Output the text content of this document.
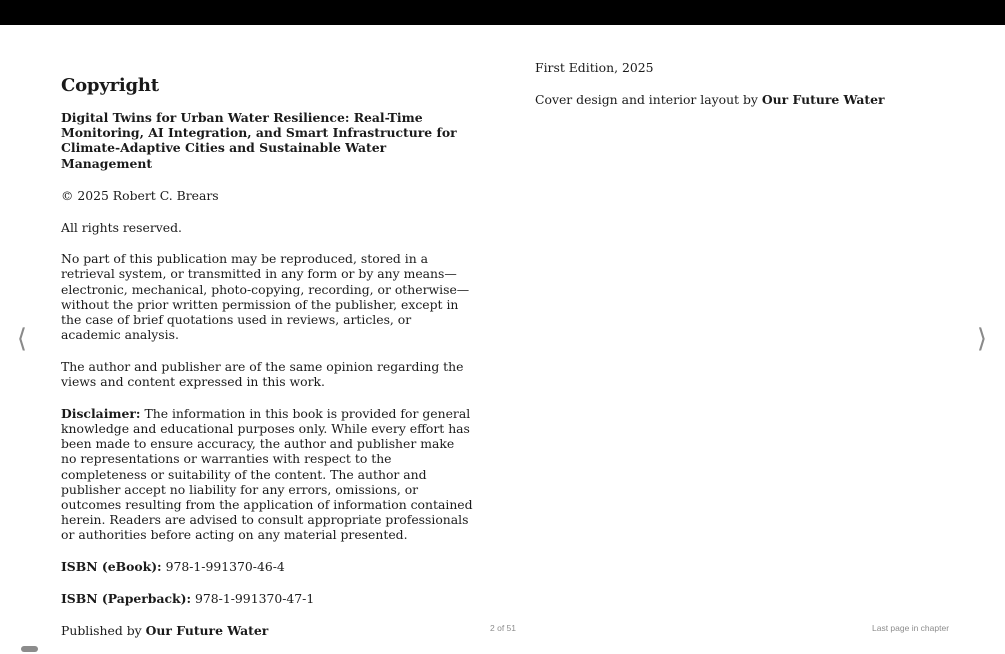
⟨	⟩
Copyright

Digital Twins for Urban Water Resilience: Real-Time Monitoring, AI Integration, and Smart Infrastructure for Climate-Adaptive Cities and Sustainable Water Management

© 2025 Robert C. Brears

All rights reserved.

No part of this publication may be reproduced, stored in a retrieval system, or transmitted in any form or by any means—electronic, mechanical, photo-copying, recording, or otherwise—without the prior written permission of the publisher, except in the case of brief quotations used in reviews, articles, or academic analysis.

The author and publisher are of the same opinion regarding the views and content expressed in this work.

Disclaimer: The information in this book is provided for general knowledge and educational purposes only. While every effort has been made to ensure accuracy, the author and publisher make no representations or warranties with respect to the completeness or suitability of the content. The author and publisher accept no liability for any errors, omissions, or outcomes resulting from the application of information contained herein. Readers are advised to consult appropriate professionals or authorities before acting on any material presented.

ISBN (eBook): 978-1-991370-46-4

ISBN (Paperback): 978-1-991370-47-1

Published by Our Future Water

First Edition, 2025

Cover design and interior layout by Our Future Water

2 of 51	Last page in chapter
